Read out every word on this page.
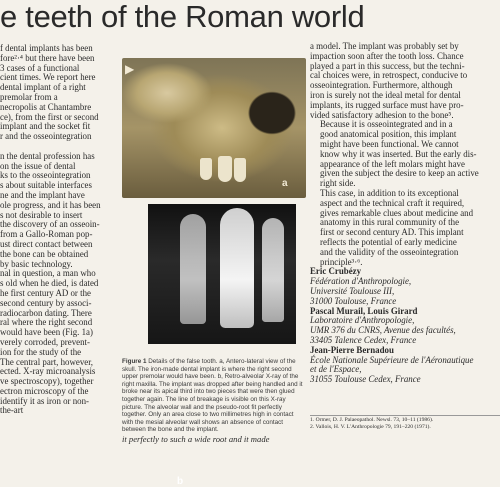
e teeth of the Roman world
f dental implants has been
fore²·⁴ but there have been
3 cases of a functional
cient times. We report here
dental implant of a right
premolar from a
necropolis at Chantambre
ce), from the first or second
implant and the socket fit
r and the osseointegration

n the dental profession has
on the issue of dental
ks to the osseointegration
s about suitable interfaces
ne and the implant have
ole progress, and it has been
s not desirable to insert
the discovery of an osseoin-
from a Gallo-Roman pop-
ust direct contact between
the bone can be obtained
by basic technology.
nal in question, a man who
s old when he died, is dated
he first century AD or the
second century by associ-
radiocarbon dating. There
ral where the right second
would have been (Fig. 1a)
verely corroded, prevent-
ion for the study of the
The central part, however,
ected. X-ray microanalysis
ve spectroscopy), together
ectron microscopy of the
identify it as iron or non-
the-art
▶
a
b
Figure 1 Details of the false tooth. a, Antero-lateral view of the skull. The iron-made dental implant is where the right second upper premolar would have been. b, Retro-alveolar X-ray of the right maxilla. The implant was dropped after being handled and it broke near its apical third into two pieces that were then glued together again. The line of breakage is visible on this X-ray picture. The alveolar wall and the pseudo-root fit perfectly together. Only an area close to two millimetres high in contact with the mesial alveolar wall shows an absence of contact between the bone and the implant.
it perfectly to such a wide root and it made
a model. The implant was probably set by
impaction soon after the tooth loss. Chance
played a part in this success, but the techni-
cal choices were, in retrospect, conducive to
osseointegration. Furthermore, although
iron is surely not the ideal metal for dental
implants, its rugged surface must have pro-
vided satisfactory adhesion to the bone⁵.
Because it is osseointegrated and in a
good anatomical position, this implant
might have been functional. We cannot
know why it was inserted. But the early dis-
appearance of the left molars might have
given the subject the desire to keep an active
right side.
This case, in addition to its exceptional
aspect and the technical craft it required,
gives remarkable clues about medicine and
anatomy in this rural community of the
first or second century AD. This implant
reflects the potential of early medicine
and the validity of the osseointegration
principle³·⁶.
Eric Crubézy
Fédération d'Anthropologie,
Université Toulouse III,
31000 Toulouse, France
Pascal Murail, Louis Girard
Laboratoire d'Anthropologie,
UMR 376 du CNRS, Avenue des facultés,
33405 Talence Cedex, France
Jean-Pierre Bernadou
École Nationale Supérieure de l'Aéronautique
et de l'Espace,
31055 Toulouse Cedex, France
1. Ormer, D. J. Palaeopathol. Newsl. 73, 10–11 (1986).
2. Vallois, H. V. L'Anthropologie 79, 191–220 (1971).
